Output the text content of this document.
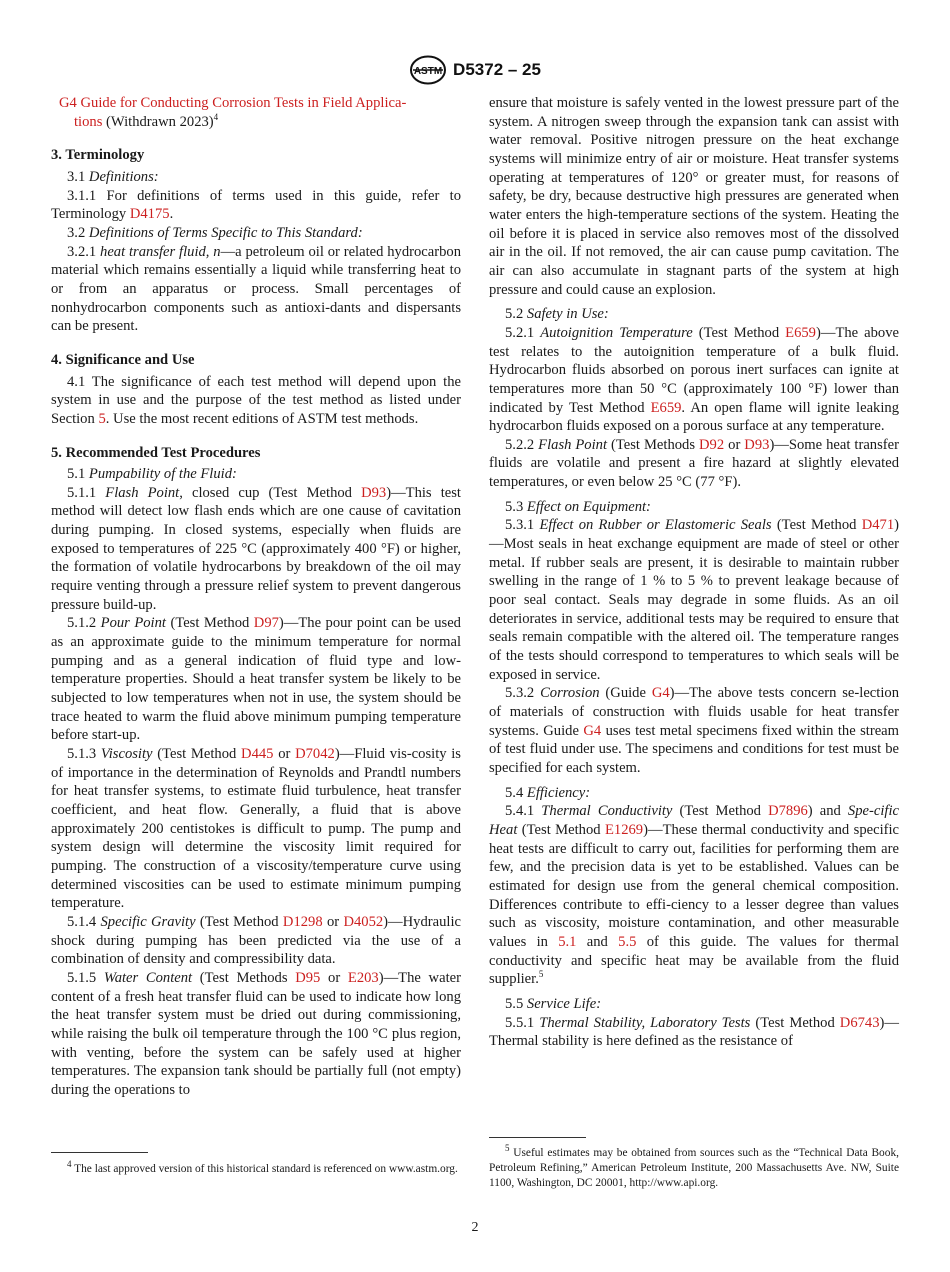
ASTM D5372 – 25

G4 Guide for Conducting Corrosion Tests in Field Applica-
tions (Withdrawn 2023)$^4$

3. Terminology

3.1 Definitions:

3.1.1 For definitions of terms used in this guide, refer to Terminology D4175.

3.2 Definitions of Terms Specific to This Standard:

3.2.1 heat transfer fluid, n—a petroleum oil or related hydrocarbon material which remains essentially a liquid while transferring heat to or from an apparatus or process. Small percentages of nonhydrocarbon components such as antioxi-dants and dispersants can be present.

4. Significance and Use

4.1 The significance of each test method will depend upon the system in use and the purpose of the test method as listed under Section 5. Use the most recent editions of ASTM test methods.

5. Recommended Test Procedures

5.1 Pumpability of the Fluid:

5.1.1 Flash Point, closed cup (Test Method D93)—This test method will detect low flash ends which are one cause of cavitation during pumping. In closed systems, especially when fluids are exposed to temperatures of 225 °C (approximately 400 °F) or higher, the formation of volatile hydrocarbons by breakdown of the oil may require venting through a pressure relief system to prevent dangerous pressure build-up.

5.1.2 Pour Point (Test Method D97)—The pour point can be used as an approximate guide to the minimum temperature for normal pumping and as a general indication of fluid type and low-temperature properties. Should a heat transfer system be likely to be subjected to low temperatures when not in use, the system should be trace heated to warm the fluid above minimum pumping temperature before start-up.

5.1.3 Viscosity (Test Method D445 or D7042)—Fluid vis-cosity is of importance in the determination of Reynolds and Prandtl numbers for heat transfer systems, to estimate fluid turbulence, heat transfer coefficient, and heat flow. Generally, a fluid that is above approximately 200 centistokes is difficult to pump. The pump and system design will determine the viscosity limit required for pumping. The construction of a viscosity/temperature curve using determined viscosities can be used to estimate minimum pumping temperature.

5.1.4 Specific Gravity (Test Method D1298 or D4052)—Hydraulic shock during pumping has been predicted via the use of a combination of density and compressibility data.

5.1.5 Water Content (Test Methods D95 or E203)—The water content of a fresh heat transfer fluid can be used to indicate how long the heat transfer system must be dried out during commissioning, while raising the bulk oil temperature through the 100 °C plus region, with venting, before the system can be safely used at higher temperatures. The expansion tank should be partially full (not empty) during the operations to

ensure that moisture is safely vented in the lowest pressure part of the system. A nitrogen sweep through the expansion tank can assist with water removal. Positive nitrogen pressure on the heat exchange systems will minimize entry of air or moisture. Heat transfer systems operating at temperatures of 120° or greater must, for reasons of safety, be dry, because destructive high pressures are generated when water enters the high-temperature sections of the system. Heating the oil before it is placed in service also removes most of the dissolved air in the oil. If not removed, the air can cause pump cavitation. The air can also accumulate in stagnant parts of the system at high pressure and could cause an explosion.

5.2 Safety in Use:

5.2.1 Autoignition Temperature (Test Method E659)—The above test relates to the autoignition temperature of a bulk fluid. Hydrocarbon fluids absorbed on porous inert surfaces can ignite at temperatures more than 50 °C (approximately 100 °F) lower than indicated by Test Method E659. An open flame will ignite leaking hydrocarbon fluids exposed on a porous surface at any temperature.

5.2.2 Flash Point (Test Methods D92 or D93)—Some heat transfer fluids are volatile and present a fire hazard at slightly elevated temperatures, or even below 25 °C (77 °F).

5.3 Effect on Equipment:

5.3.1 Effect on Rubber or Elastomeric Seals (Test Method D471)—Most seals in heat exchange equipment are made of steel or other metal. If rubber seals are present, it is desirable to maintain rubber swelling in the range of 1 % to 5 % to prevent leakage because of poor seal contact. Seals may degrade in some fluids. As an oil deteriorates in service, additional tests may be required to ensure that seals remain compatible with the altered oil. The temperature ranges of the tests should correspond to temperatures to which seals will be exposed in service.

5.3.2 Corrosion (Guide G4)—The above tests concern se-lection of materials of construction with fluids usable for heat transfer systems. Guide G4 uses test metal specimens fixed within the stream of test fluid under use. The specimens and conditions for test must be specified for each system.

5.4 Efficiency:

5.4.1 Thermal Conductivity (Test Method D7896) and Spe-cific Heat (Test Method E1269)—These thermal conductivity and specific heat tests are difficult to carry out, facilities for performing them are few, and the precision data is yet to be established. Values can be estimated for design use from the general chemical composition. Differences contribute to effi-ciency to a lesser degree than values such as viscosity, moisture contamination, and other measurable values in 5.1 and 5.5 of this guide. The values for thermal conductivity and specific heat may be available from the fluid supplier.$^5$

5.5 Service Life:

5.5.1 Thermal Stability, Laboratory Tests (Test Method D6743)—Thermal stability is here defined as the resistance of

$^4$ The last approved version of this historical standard is referenced on www.astm.org.
$^5$ Useful estimates may be obtained from sources such as the “Technical Data Book, Petroleum Refining,” American Petroleum Institute, 200 Massachusetts Ave. NW, Suite 1100, Washington, DC 20001, http://www.api.org.
2
